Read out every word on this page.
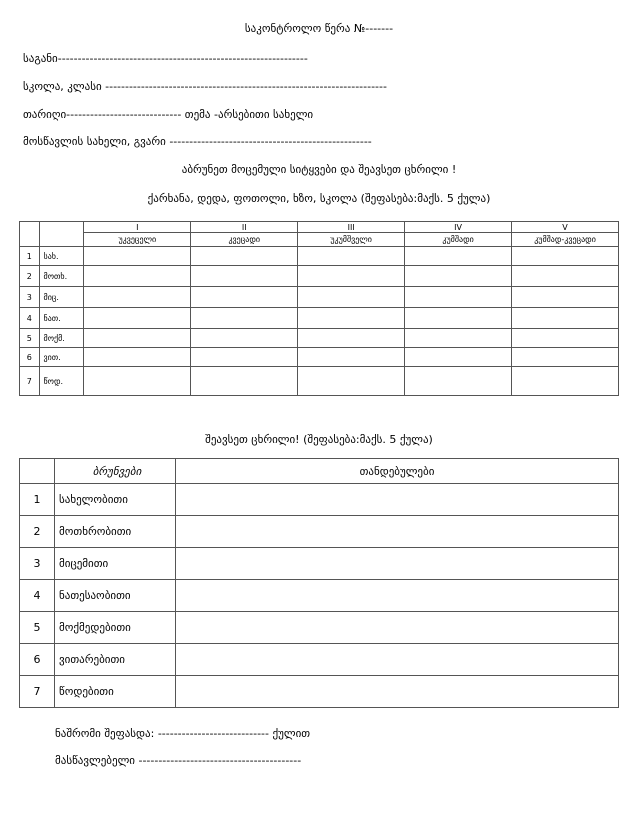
საკონტროლო წერა №-------
საგანი---------------------------------------------------------------
სკოლა, კლასი -----------------------------------------------------------------------
თარიღი----------------------------- თემა -არსებითი სახელი
მოსწავლის სახელი, გვარი ---------------------------------------------------
აბრუნეთ მოცემული სიტყვები და შეავსეთ ცხრილი !
ქარხანა, დედა, ფოთოლი, ხზო, სკოლა (შეფასება:მაქს. 5 ქულა)
		I	II	III	IV	V
		უკვეცელი	კვეცადი	უკუმშველი	კუმშადი	კუმშად-კვეცადი
1	სახ.					
2	მოთხ.					
3	მიც.					
4	ნათ.					
5	მოქმ.					
6	ვით.					
7	წოდ.					
შეავსეთ ცხრილი! (შეფასება:მაქს. 5 ქულა)
	ბრუნვები	თანდებულები
1	სახელობითი	
2	მოთხრობითი	
3	მიცემითი	
4	ნათესაობითი	
5	მოქმედებითი	
6	ვითარებითი	
7	წოდებითი	
ნაშრომი შეფასდა: ---------------------------- ქულით
მასწავლებელი -----------------------------------------
